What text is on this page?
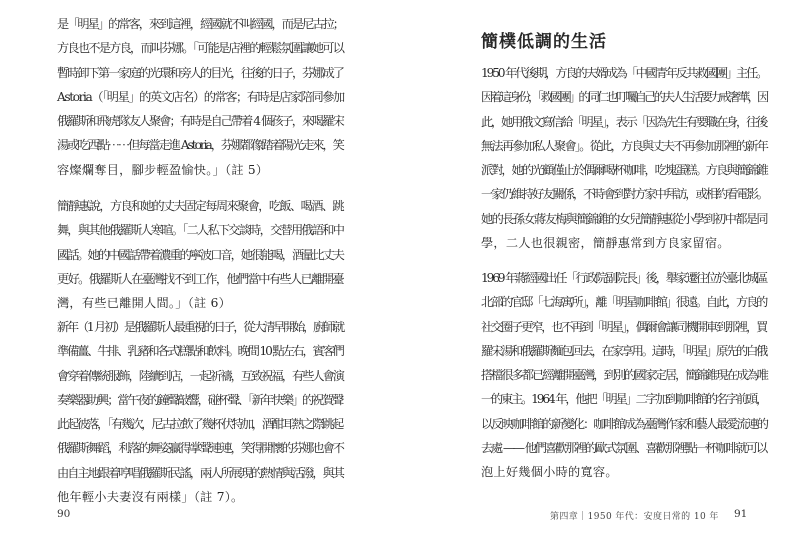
是「明星」的常客，來到這裡，經國就不叫經國，而是尼古拉；
方良也不是方良，而叫芬娜。「可能是店裡的輕鬆氛圍讓她可以
暫時卸下第一家庭的光環和旁人的目光，往後的日子，芬娜成了
Astoria（「明星」的英文店名）的常客；有時是店家陪同參加
俄羅斯和飛虎隊友人聚會；有時是自己帶着 4 個孩子，來喝羅宋
湯或吃西點⋯⋯但每當走進 Astoria，芬娜都像踏着陽光走來，笑
容燦爛奪目，腳步輕盈愉快。」（註 5）
簡靜惠說，方良和她的丈夫固定每周來聚會，吃飯、喝酒、跳
舞，與其他俄羅斯人寒暄。「二人私下交談時，交替用俄語和中
國話。她的中國話帶着濃重的寧波口音，她很能喝，酒量比丈夫
更好。俄羅斯人在臺灣找不到工作，他們當中有些人已離開臺
灣，有些已離開人間。」（註 6）
新年（1 月初）是俄羅斯人最重視的日子，從大清早開始，廚師就
準備薑、牛排、乳豬和各式糕點和飲料。晚間 10 點左右，賓客們
會穿着傳統服飾，陸續到店，一起祈禱，互致祝福，有些人會演
奏樂器助興；當午夜的鐘聲敲響，碰杯聲、「新年快樂」的祝賀聲
此起彼落，「有幾次，尼古拉飲了幾杯伏特加，酒酣耳熱之際跳起
俄羅斯舞蹈，利落的舞姿贏得掌聲連連，笑得開懷的芬娜也會不
由自主地跟着哼唱俄羅斯民謠，兩人所展現的熱情與活潑，與其
他年輕小夫妻沒有兩樣」（註 7）。
90
簡樸低調的生活
1950 年代後期，方良的夫婿成為「中國青年反共救國團」主任。
因着這身份，「救國團」的同仁也叮囑自己的夫人生活要力戒奢華，因
此，她用俄文寫信給「明星」，表示「因為先生有要職在身，往後
無法再參加私人聚會」。從此，方良與丈夫不再參加那裡的新年
派對，她的光顧僅止於偶爾喝杯咖啡，吃塊蛋糕。方良與簡錦錐
一家仍維持好友關係，不時會到對方家中拜訪，或相約看電影。
她的長孫女蔣友梅與簡錦錐的女兒簡靜惠從小學到初中都是同
學，二人也很親密，簡靜惠常到方良家留宿。
1969 年蔣經國出任「行政院副院長」後，舉家遷往位於臺北城區
北部的官邸「七海寓所」，離「明星咖啡館」很遠。自此，方良的
社交圈子更窄，也不再到「明星」，偶爾會讓司機開車到那裡，買
羅宋湯和俄羅斯麵包回去，在家享用。這時，「明星」原先的白俄
搭檔很多都已經離開臺灣，到別的國家定居，簡錦錐現在成為唯
一的東主。1964 年，他把「明星」二字加到咖啡館的名字前頭，
以反映咖啡館的新變化：咖啡館成為臺灣作家和藝人最愛流連的
去處 —— 他們喜歡那裡的歐式氛圍、喜歡那裡點一杯咖啡就可以
泡上好幾個小時的寬容。
第四章｜1950 年代：安度日常的 10 年 91
